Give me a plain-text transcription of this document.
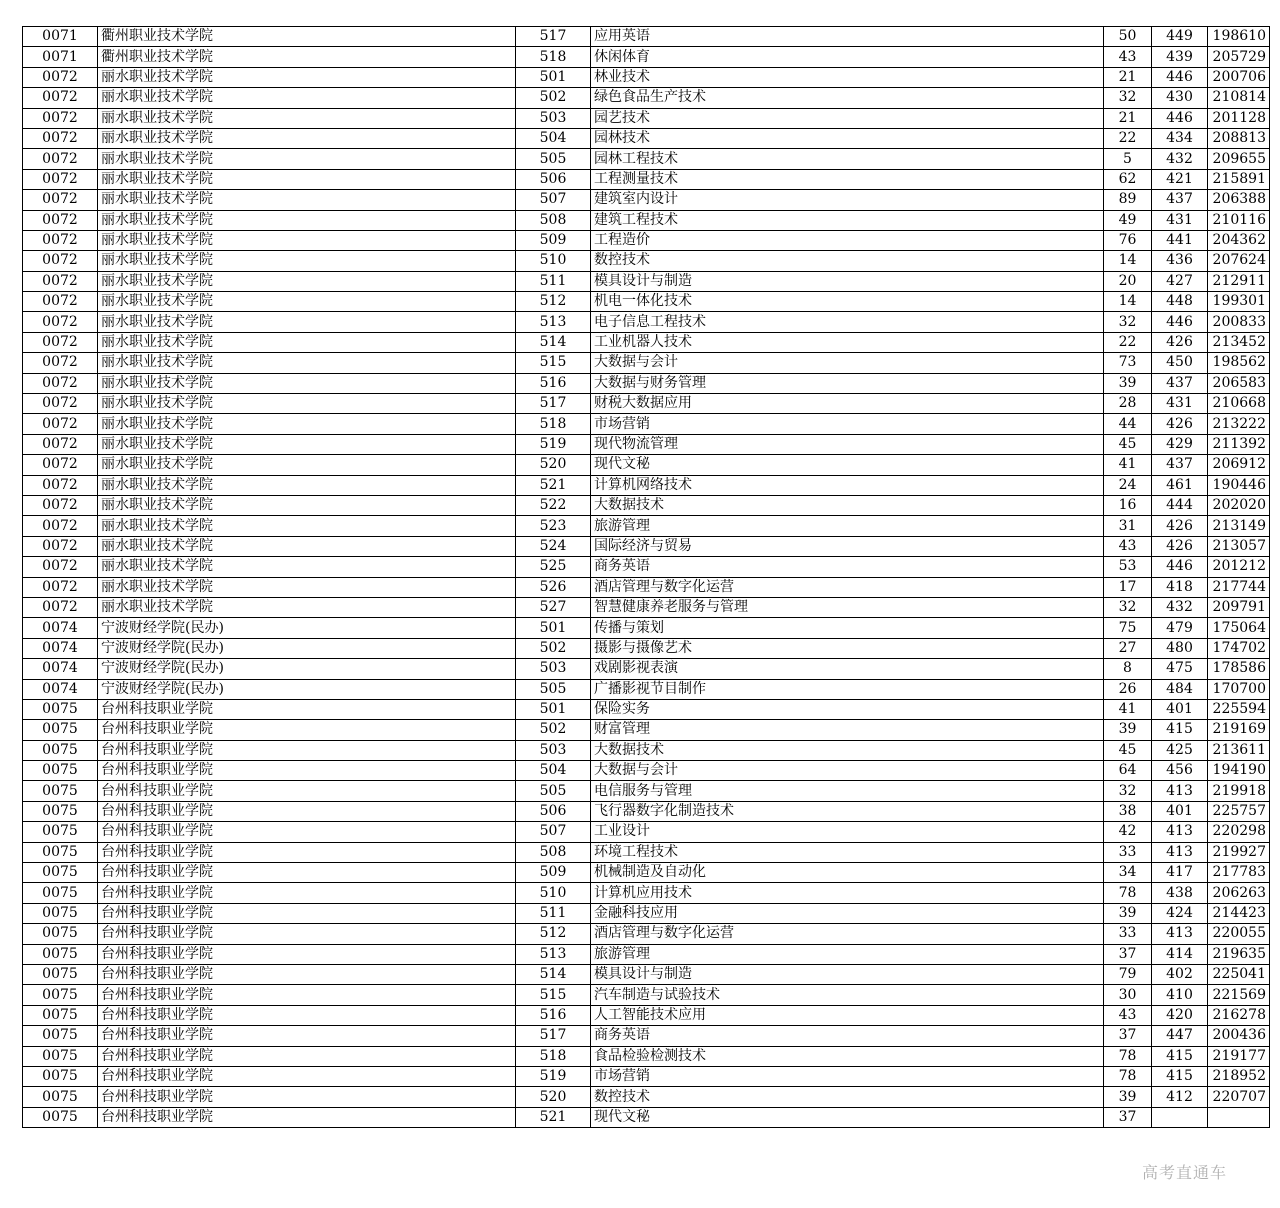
0071	衢州职业技术学院	517	应用英语	50	449	198610
0071	衢州职业技术学院	518	休闲体育	43	439	205729
0072	丽水职业技术学院	501	林业技术	21	446	200706
0072	丽水职业技术学院	502	绿色食品生产技术	32	430	210814
0072	丽水职业技术学院	503	园艺技术	21	446	201128
0072	丽水职业技术学院	504	园林技术	22	434	208813
0072	丽水职业技术学院	505	园林工程技术	5	432	209655
0072	丽水职业技术学院	506	工程测量技术	62	421	215891
0072	丽水职业技术学院	507	建筑室内设计	89	437	206388
0072	丽水职业技术学院	508	建筑工程技术	49	431	210116
0072	丽水职业技术学院	509	工程造价	76	441	204362
0072	丽水职业技术学院	510	数控技术	14	436	207624
0072	丽水职业技术学院	511	模具设计与制造	20	427	212911
0072	丽水职业技术学院	512	机电一体化技术	14	448	199301
0072	丽水职业技术学院	513	电子信息工程技术	32	446	200833
0072	丽水职业技术学院	514	工业机器人技术	22	426	213452
0072	丽水职业技术学院	515	大数据与会计	73	450	198562
0072	丽水职业技术学院	516	大数据与财务管理	39	437	206583
0072	丽水职业技术学院	517	财税大数据应用	28	431	210668
0072	丽水职业技术学院	518	市场营销	44	426	213222
0072	丽水职业技术学院	519	现代物流管理	45	429	211392
0072	丽水职业技术学院	520	现代文秘	41	437	206912
0072	丽水职业技术学院	521	计算机网络技术	24	461	190446
0072	丽水职业技术学院	522	大数据技术	16	444	202020
0072	丽水职业技术学院	523	旅游管理	31	426	213149
0072	丽水职业技术学院	524	国际经济与贸易	43	426	213057
0072	丽水职业技术学院	525	商务英语	53	446	201212
0072	丽水职业技术学院	526	酒店管理与数字化运营	17	418	217744
0072	丽水职业技术学院	527	智慧健康养老服务与管理	32	432	209791
0074	宁波财经学院(民办)	501	传播与策划	75	479	175064
0074	宁波财经学院(民办)	502	摄影与摄像艺术	27	480	174702
0074	宁波财经学院(民办)	503	戏剧影视表演	8	475	178586
0074	宁波财经学院(民办)	505	广播影视节目制作	26	484	170700
0075	台州科技职业学院	501	保险实务	41	401	225594
0075	台州科技职业学院	502	财富管理	39	415	219169
0075	台州科技职业学院	503	大数据技术	45	425	213611
0075	台州科技职业学院	504	大数据与会计	64	456	194190
0075	台州科技职业学院	505	电信服务与管理	32	413	219918
0075	台州科技职业学院	506	飞行器数字化制造技术	38	401	225757
0075	台州科技职业学院	507	工业设计	42	413	220298
0075	台州科技职业学院	508	环境工程技术	33	413	219927
0075	台州科技职业学院	509	机械制造及自动化	34	417	217783
0075	台州科技职业学院	510	计算机应用技术	78	438	206263
0075	台州科技职业学院	511	金融科技应用	39	424	214423
0075	台州科技职业学院	512	酒店管理与数字化运营	33	413	220055
0075	台州科技职业学院	513	旅游管理	37	414	219635
0075	台州科技职业学院	514	模具设计与制造	79	402	225041
0075	台州科技职业学院	515	汽车制造与试验技术	30	410	221569
0075	台州科技职业学院	516	人工智能技术应用	43	420	216278
0075	台州科技职业学院	517	商务英语	37	447	200436
0075	台州科技职业学院	518	食品检验检测技术	78	415	219177
0075	台州科技职业学院	519	市场营销	78	415	218952
0075	台州科技职业学院	520	数控技术	39	412	220707
0075	台州科技职业学院	521	现代文秘	37		
高考直通车
